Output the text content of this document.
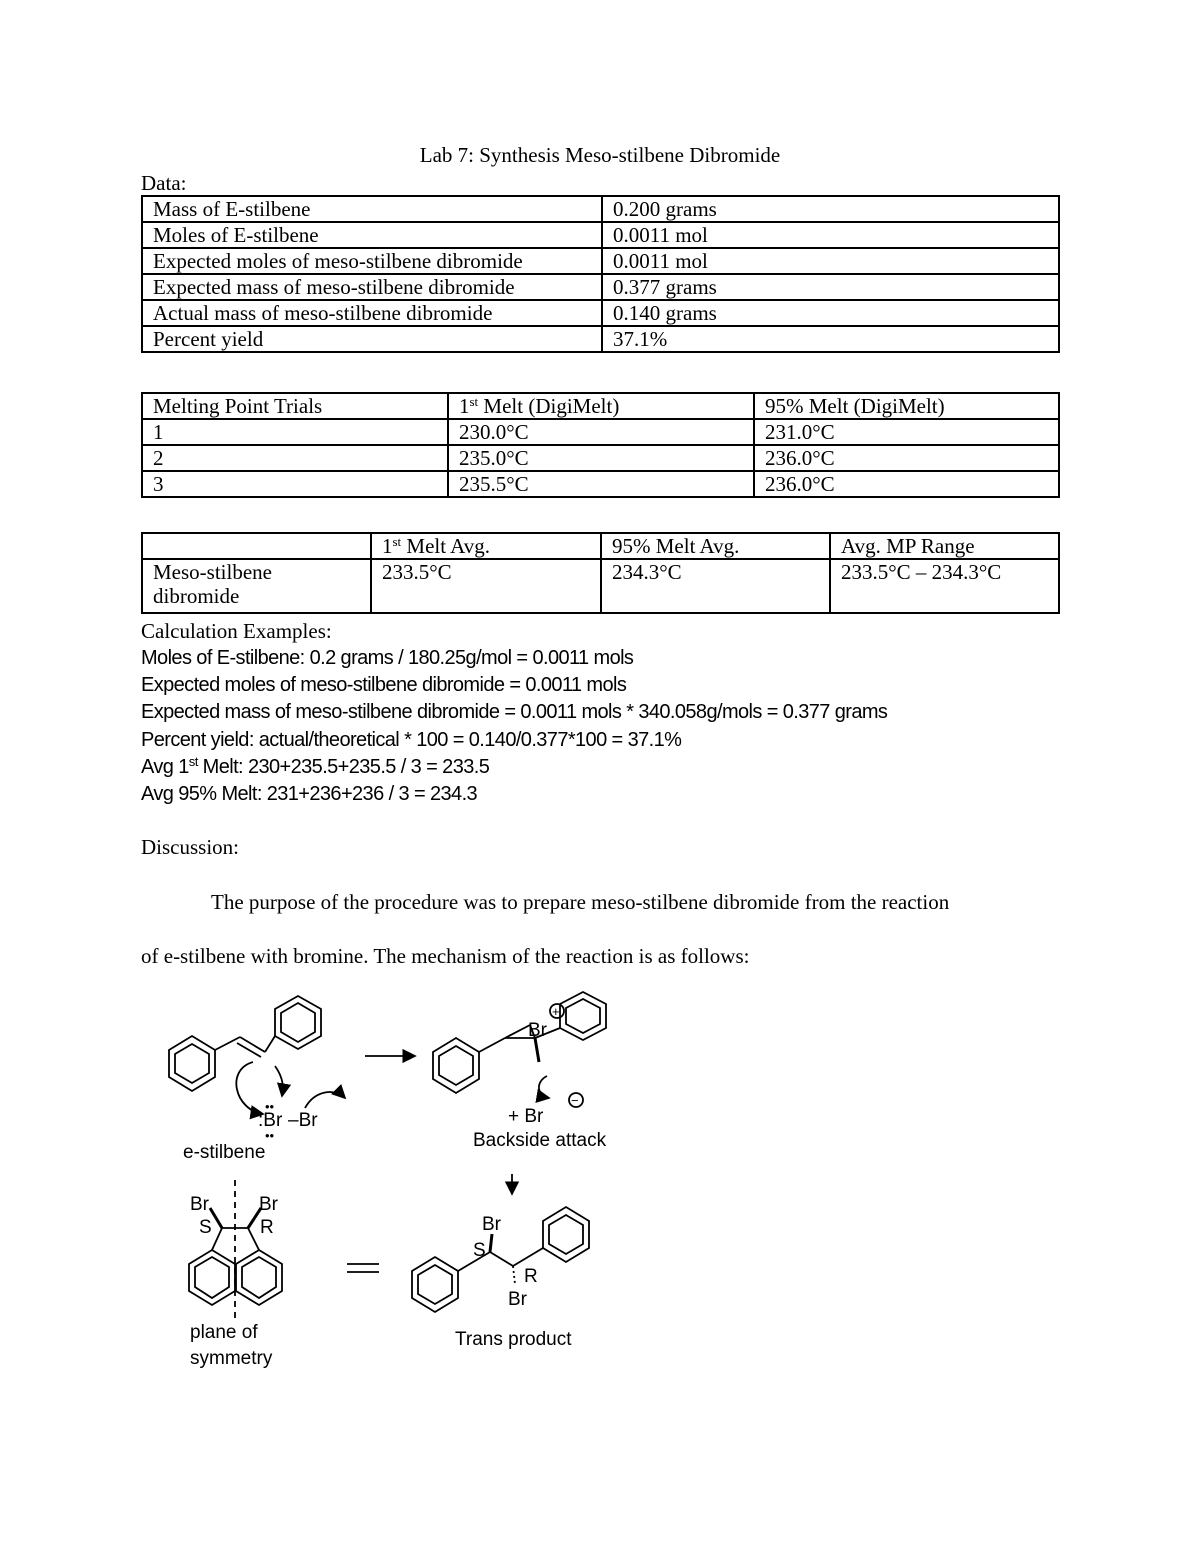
Lab 7: Synthesis Meso-stilbene Dibromide
Data:
Mass of E-stilbene	0.200 grams
Moles of E-stilbene	0.0011 mol
Expected moles of meso-stilbene dibromide	0.0011 mol
Expected mass of meso-stilbene dibromide	0.377 grams
Actual mass of meso-stilbene dibromide	0.140 grams
Percent yield	37.1%
Melting Point Trials	1st Melt (DigiMelt)	95% Melt (DigiMelt)
1	230.0°C	231.0°C
2	235.0°C	236.0°C
3	235.5°C	236.0°C
	1st Melt Avg.	95% Melt Avg.	Avg. MP Range
Meso-stilbene dibromide	233.5°C	234.3°C	233.5°C – 234.3°C
Calculation Examples:
Moles of E-stilbene: 0.2 grams / 180.25g/mol = 0.0011 mols
Expected moles of meso-stilbene dibromide = 0.0011 mols
Expected mass of meso-stilbene dibromide = 0.0011 mols * 340.058g/mols = 0.377 grams
Percent yield: actual/theoretical * 100 = 0.140/0.377*100 = 37.1%
Avg 1st Melt: 230+235.5+235.5 / 3 = 233.5
Avg 95% Melt: 231+236+236 / 3 = 234.3
Discussion:
The purpose of the procedure was to prepare meso-stilbene dibromide from the reaction
of e-stilbene with bromine. The mechanism of the reaction is as follows:
:Br –Br
••
••
e-stilbene
Br
+
+ Br
−
Backside attack
Br	Br
S	R
plane of
symmetry
Br
S
R
Br
Trans product
